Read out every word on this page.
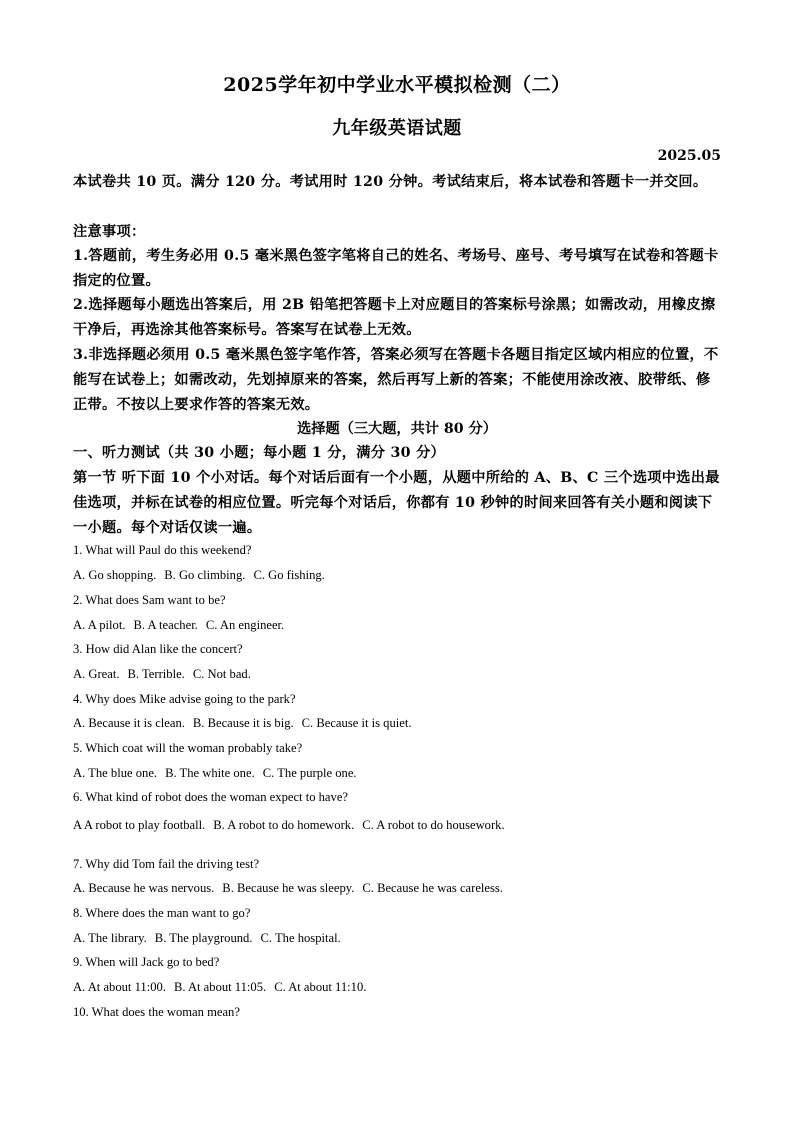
2025学年初中学业水平模拟检测（二）
九年级英语试题
2025.05
本试卷共 10 页。满分 120 分。考试用时 120 分钟。考试结束后，将本试卷和答题卡一并交回。
注意事项：
1.答题前，考生务必用 0.5 毫米黑色签字笔将自己的姓名、考场号、座号、考号填写在试卷和答题卡指定的位置。
2.选择题每小题选出答案后，用 2B 铅笔把答题卡上对应题目的答案标号涂黑；如需改动，用橡皮擦干净后，再选涂其他答案标号。答案写在试卷上无效。
3.非选择题必须用 0.5 毫米黑色签字笔作答，答案必须写在答题卡各题目指定区域内相应的位置，不能写在试卷上；如需改动，先划掉原来的答案，然后再写上新的答案；不能使用涂改液、胶带纸、修正带。不按以上要求作答的答案无效。
选择题（三大题，共计 80 分）
一、听力测试（共 30 小题；每小题 1 分，满分 30 分）
第一节 听下面 10 个小对话。每个对话后面有一个小题，从题中所给的 A、B、C 三个选项中选出最佳选项，并标在试卷的相应位置。听完每个对话后，你都有 10 秒钟的时间来回答有关小题和阅读下一小题。每个对话仅读一遍。
1. What will Paul do this weekend?
A. Go shopping. B. Go climbing. C. Go fishing.
2. What does Sam want to be?
A. A pilot. B. A teacher. C. An engineer.
3. How did Alan like the concert?
A. Great. B. Terrible. C. Not bad.
4. Why does Mike advise going to the park?
A. Because it is clean. B. Because it is big. C. Because it is quiet.
5. Which coat will the woman probably take?
A. The blue one. B. The white one. C. The purple one.
6. What kind of robot does the woman expect to have?
A A robot to play football. B. A robot to do homework. C. A robot to do housework.
7. Why did Tom fail the driving test?
A. Because he was nervous. B. Because he was sleepy. C. Because he was careless.
8. Where does the man want to go?
A. The library. B. The playground. C. The hospital.
9. When will Jack go to bed?
A. At about 11:00. B. At about 11:05. C. At about 11:10.
10. What does the woman mean?
